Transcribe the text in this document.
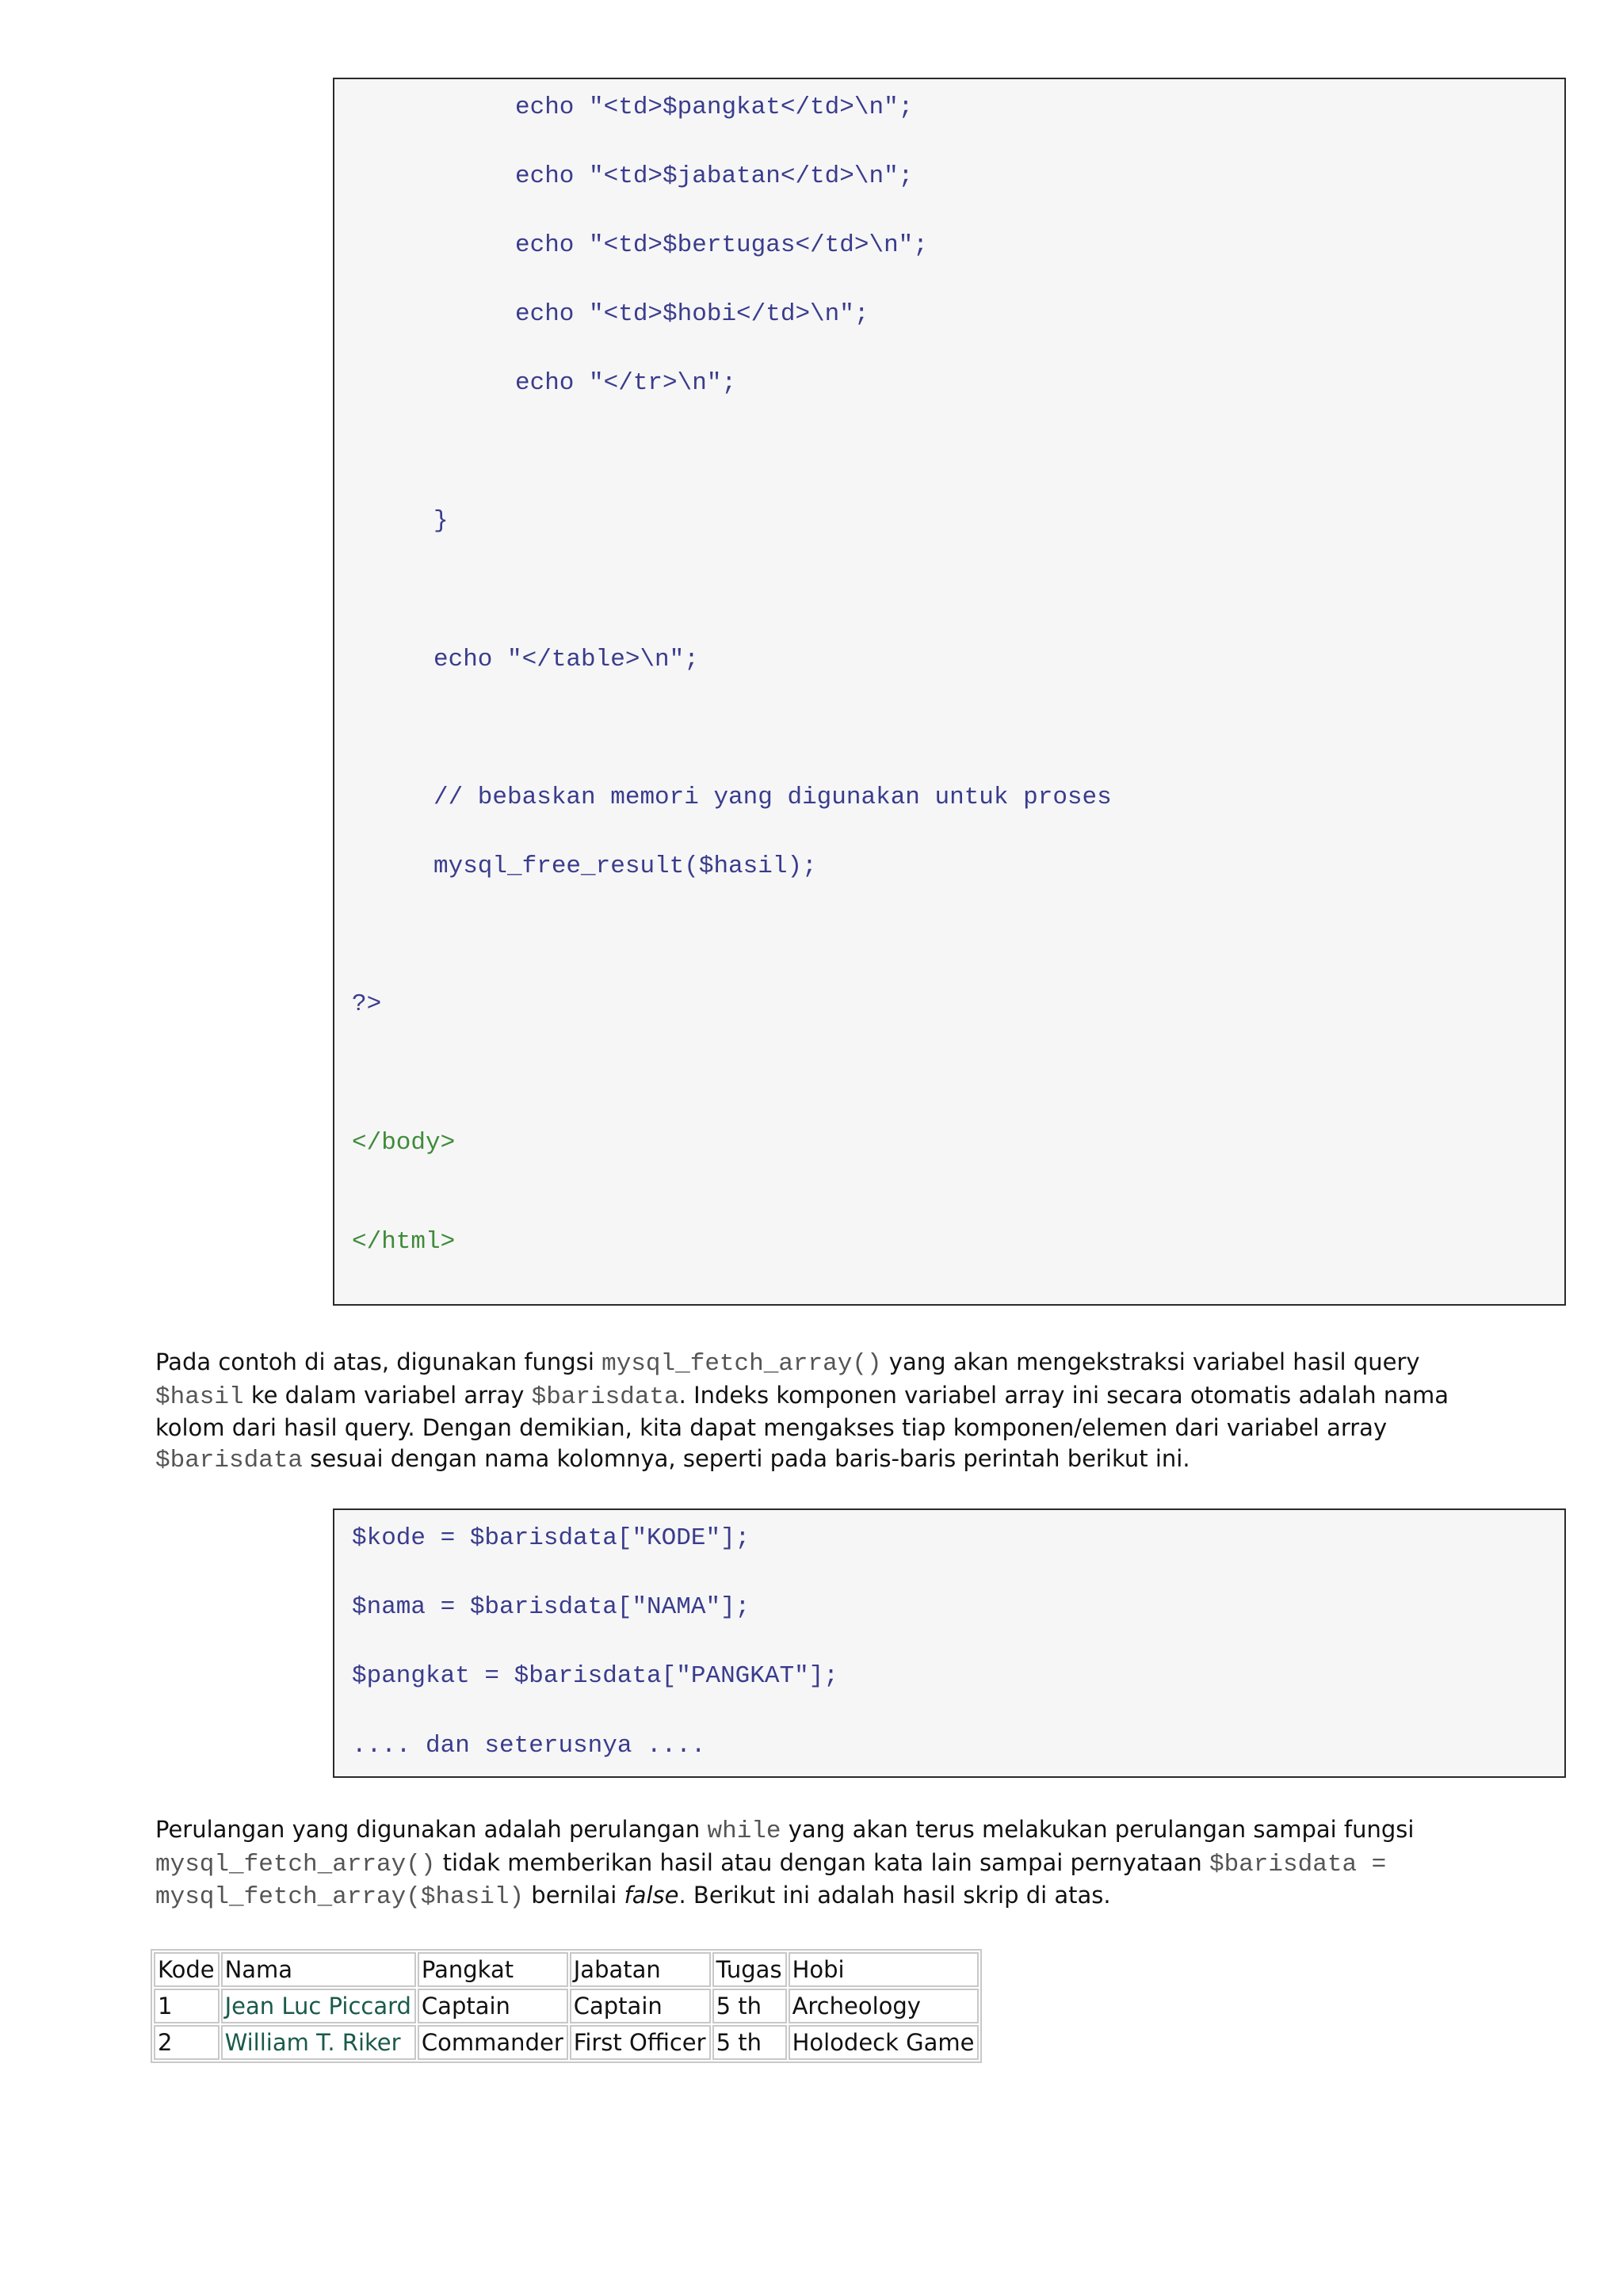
echo "<td>$pangkat</td>\n";

echo "<td>$jabatan</td>\n";

echo "<td>$bertugas</td>\n";

echo "<td>$hobi</td>\n";

echo "</tr>\n";

}

echo "</table>\n";

// bebaskan memori yang digunakan untuk proses

mysql_free_result($hasil);

?>

</body>

</html>

Pada contoh di atas, digunakan fungsi mysql_fetch_array() yang akan mengekstraksi variabel hasil query
$hasil ke dalam variabel array $barisdata. Indeks komponen variabel array ini secara otomatis adalah nama
kolom dari hasil query. Dengan demikian, kita dapat mengakses tiap komponen/elemen dari variabel array
$barisdata sesuai dengan nama kolomnya, seperti pada baris-baris perintah berikut ini.

$kode = $barisdata["KODE"];

$nama = $barisdata["NAMA"];

$pangkat = $barisdata["PANGKAT"];

.... dan seterusnya ....

Perulangan yang digunakan adalah perulangan while yang akan terus melakukan perulangan sampai fungsi
mysql_fetch_array() tidak memberikan hasil atau dengan kata lain sampai pernyataan $barisdata =
mysql_fetch_array($hasil) bernilai false. Berikut ini adalah hasil skrip di atas.
Kode	Nama	Pangkat	Jabatan	Tugas	Hobi
1	Jean Luc Piccard	Captain	Captain	5 th	Archeology
2	William T. Riker	Commander	First Officer	5 th	Holodeck Game
